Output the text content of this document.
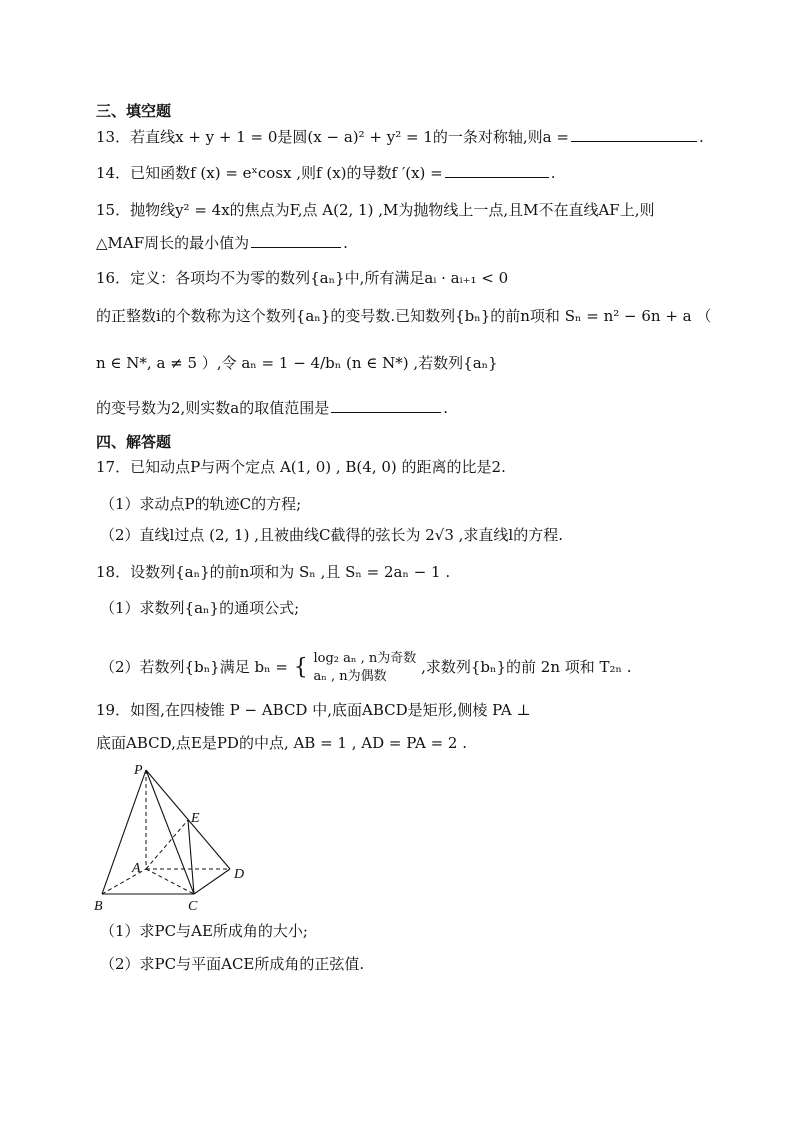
三、填空题
13．若直线x + y + 1 = 0是圆(x − a)² + y² = 1的一条对称轴,则a =	.
14．已知函数f (x) = eˣcosx ,则f (x)的导数f ′(x) =	.
15．抛物线y² = 4x的焦点为F,点 A(2, 1) ,M为抛物线上一点,且M不在直线AF上,则
△MAF周长的最小值为	.
16．定义：各项均不为零的数列{aₙ}中,所有满足aᵢ · aᵢ₊₁ < 0
的正整数i的个数称为这个数列{aₙ}的变号数.已知数列{bₙ}的前n项和 Sₙ = n² − 6n + a （
n ∈ N*, a ≠ 5 ）,令 aₙ = 1 − 4/bₙ (n ∈ N*) ,若数列{aₙ}
的变号数为2,则实数a的取值范围是	.
四、解答题
17．已知动点P与两个定点 A(1, 0) , B(4, 0) 的距离的比是2.
（1）求动点P的轨迹C的方程;
（2）直线l过点 (2, 1) ,且被曲线C截得的弦长为 2√3 ,求直线l的方程.
18．设数列{aₙ}的前n项和为 Sₙ ,且 Sₙ = 2aₙ − 1 .
（1）求数列{aₙ}的通项公式;
（2）若数列{bₙ}满足 bₙ = { log₂ aₙ , n为奇数
aₙ , n为偶数
,求数列{bₙ}的前 2n 项和 T₂ₙ .
19．如图,在四棱锥 P − ABCD 中,底面ABCD是矩形,侧棱 PA ⊥
底面ABCD,点E是PD的中点, AB = 1 , AD = PA = 2 .
P
E
A	D
B	C
（1）求PC与AE所成角的大小;
（2）求PC与平面ACE所成角的正弦值.
